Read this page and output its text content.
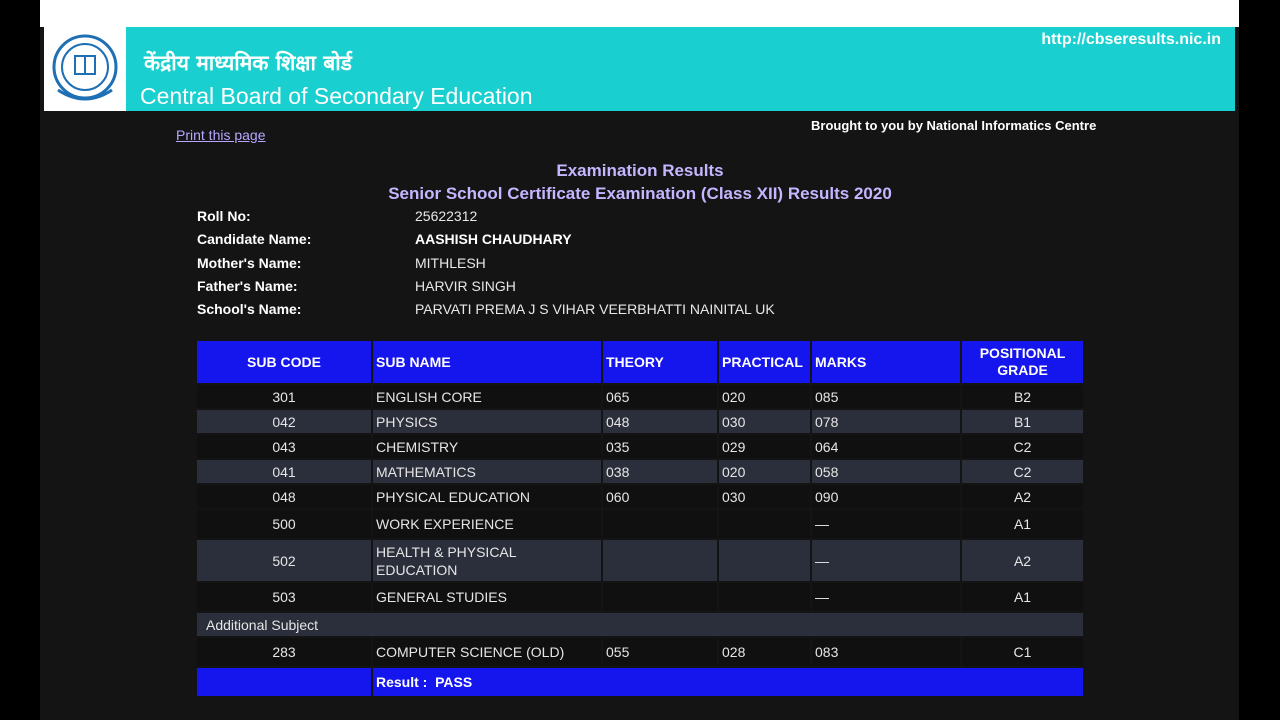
केंद्रीय माध्यमिक शिक्षा बोर्ड
Central Board of Secondary Education
http://cbseresults.nic.in
Print this page
Brought to you by National Informatics Centre
Examination Results
Senior School Certificate Examination (Class XII) Results 2020
Roll No:	25622312
Candidate Name:	AASHISH CHAUDHARY
Mother's Name:	MITHLESH
Father's Name:	HARVIR SINGH
School's Name:	PARVATI PREMA J S VIHAR VEERBHATTI NAINITAL UK
SUB CODE	SUB NAME	THEORY	PRACTICAL	MARKS	POSITIONAL GRADE
301	ENGLISH CORE	065	020	085	B2
042	PHYSICS	048	030	078	B1
043	CHEMISTRY	035	029	064	C2
041	MATHEMATICS	038	020	058	C2
048	PHYSICAL EDUCATION	060	030	090	A2
500	WORK EXPERIENCE			—	A1
502	HEALTH & PHYSICAL EDUCATION			—	A2
503	GENERAL STUDIES			—	A1
Additional Subject					
283	COMPUTER SCIENCE (OLD)	055	028	083	C1
	Result : PASS				
